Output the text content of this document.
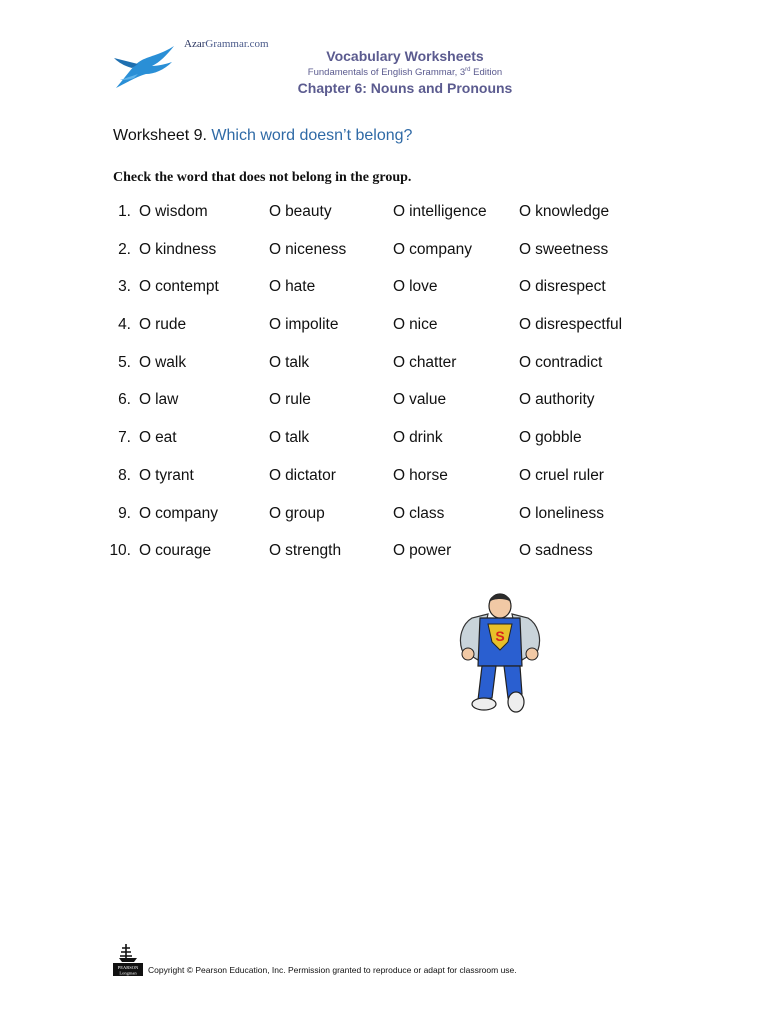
AzarGrammar.com
Vocabulary Worksheets
Fundamentals of English Grammar, 3rd Edition
Chapter 6: Nouns and Pronouns
Worksheet 9. Which word doesn’t belong?
Check the word that does not belong in the group.
1. O wisdom	O beauty	O intelligence O knowledge
2. O kindness	O niceness	O company	O sweetness
3. O contempt	O hate	O love	O disrespect
4. O rude	O impolite	O nice	O disrespectful
5. O walk	O talk	O chatter	O contradict
6. O law	O rule	O value	O authority
7. O eat	O talk	O drink	O gobble
8. O tyrant	O dictator	O horse	O cruel ruler
9. O company	O group	O class	O loneliness
10. O courage	O strength	O power	O sadness
S
PEARSON
Longman Copyright © Pearson Education, Inc. Permission granted to reproduce or adapt for classroom use.
